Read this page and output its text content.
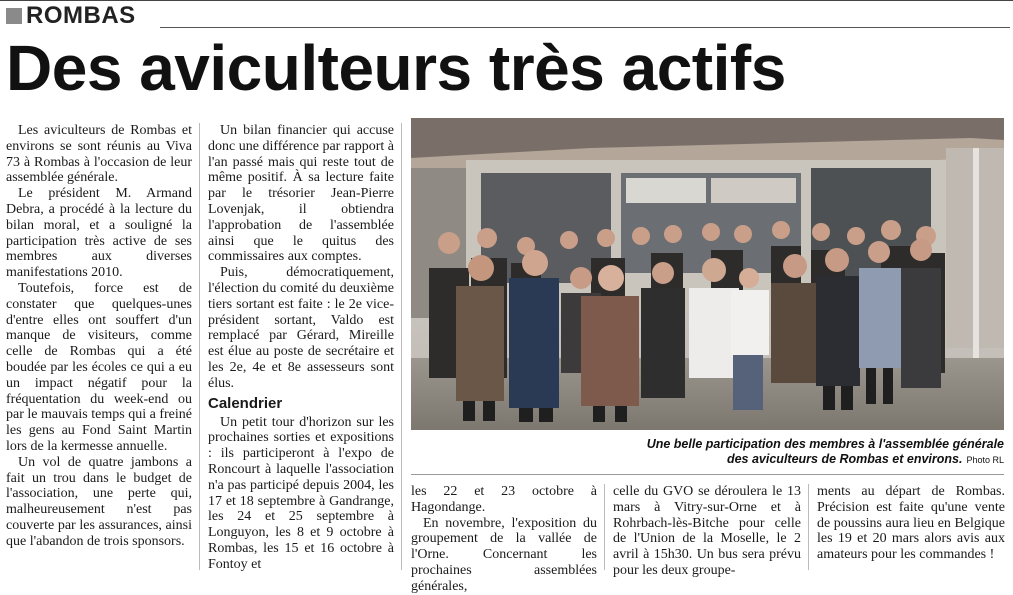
ROMBAS
Des aviculteurs très actifs

Les aviculteurs de Rombas et environs se sont réunis au Viva 73 à Rombas à l'occasion de leur assemblée générale.

Le président M. Armand Debra, a procédé à la lecture du bilan moral, et a souligné la participation très active de ses membres aux diverses manifestations 2010.

Toutefois, force est de constater que quelques-unes d'entre elles ont souffert d'un manque de visiteurs, comme celle de Rombas qui a été boudée par les écoles ce qui a eu un impact négatif pour la fréquentation du week-end ou par le mauvais temps qui a freiné les gens au Fond Saint Martin lors de la kermesse annuelle.

Un vol de quatre jambons a fait un trou dans le budget de l'association, une perte qui, malheureusement n'est pas couverte par les assurances, ainsi que l'abandon de trois sponsors.

Un bilan financier qui accuse donc une différence par rapport à l'an passé mais qui reste tout de même positif. À sa lecture faite par le trésorier Jean-Pierre Lovenjak, il obtiendra l'approbation de l'assemblée ainsi que le quitus des commissaires aux comptes.

Puis, démocratiquement, l'élection du comité du deuxième tiers sortant est faite : le 2e vice-président sortant, Valdo est remplacé par Gérard, Mireille est élue au poste de secrétaire et les 2e, 4e et 8e assesseurs sont élus.

Calendrier

Un petit tour d'horizon sur les prochaines sorties et expositions : ils participeront à l'expo de Roncourt à laquelle l'association n'a pas participé depuis 2004, les 17 et 18 septembre à Gandrange, les 24 et 25 septembre à Longuyon, les 8 et 9 octobre à Rombas, les 15 et 16 octobre à Fontoy et

Une belle participation des membres à l'assemblée générale
des aviculteurs de Rombas et environs. Photo RL

les 22 et 23 octobre à Hagondange.

En novembre, l'exposition du groupement de la vallée de l'Orne. Concernant les prochaines assemblées générales,

celle du GVO se déroulera le 13 mars à Vitry-sur-Orne et à Rohrbach-lès-Bitche pour celle de l'Union de la Moselle, le 2 avril à 15h30. Un bus sera prévu pour les deux groupe-

ments au départ de Rombas. Précision est faite qu'une vente de poussins aura lieu en Belgique les 19 et 20 mars alors avis aux amateurs pour les commandes !
